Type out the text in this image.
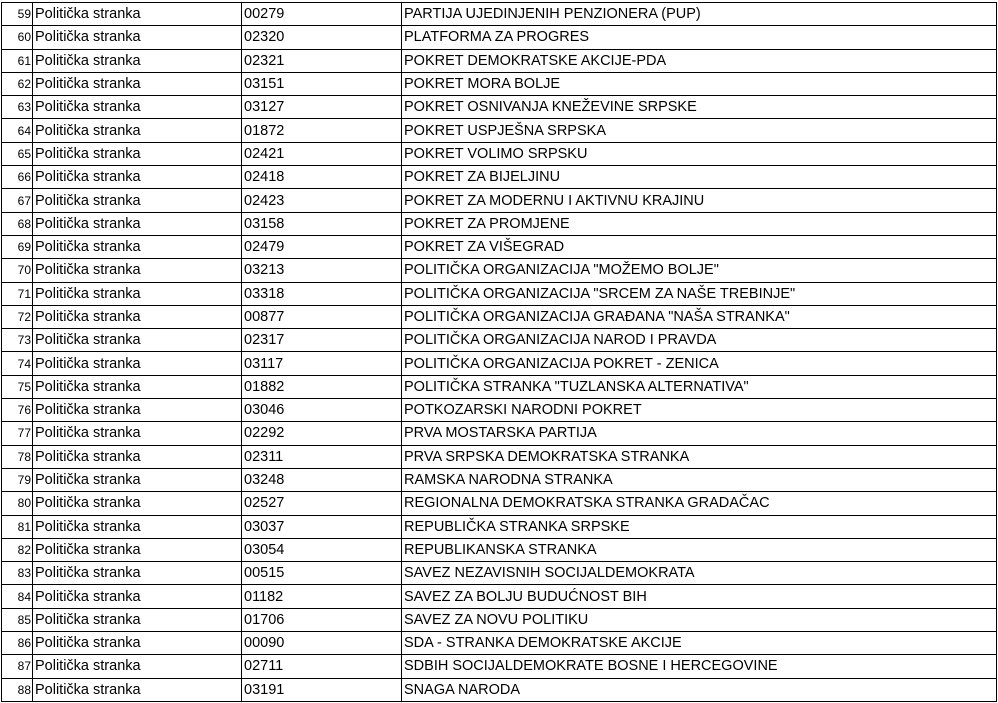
59	Politička stranka	00279	PARTIJA UJEDINJENIH PENZIONERA (PUP)
60	Politička stranka	02320	PLATFORMA ZA PROGRES
61	Politička stranka	02321	POKRET DEMOKRATSKE AKCIJE-PDA
62	Politička stranka	03151	POKRET MORA BOLJE
63	Politička stranka	03127	POKRET OSNIVANJA KNEŽEVINE SRPSKE
64	Politička stranka	01872	POKRET USPJEŠNA SRPSKA
65	Politička stranka	02421	POKRET VOLIMO SRPSKU
66	Politička stranka	02418	POKRET ZA BIJELJINU
67	Politička stranka	02423	POKRET ZA MODERNU I AKTIVNU KRAJINU
68	Politička stranka	03158	POKRET ZA PROMJENE
69	Politička stranka	02479	POKRET ZA VIŠEGRAD
70	Politička stranka	03213	POLITIČKA ORGANIZACIJA "MOŽEMO BOLJE"
71	Politička stranka	03318	POLITIČKA ORGANIZACIJA "SRCEM ZA NAŠE TREBINJE"
72	Politička stranka	00877	POLITIČKA ORGANIZACIJA GRAĐANA "NAŠA STRANKA"
73	Politička stranka	02317	POLITIČKA ORGANIZACIJA NAROD I PRAVDA
74	Politička stranka	03117	POLITIČKA ORGANIZACIJA POKRET - ZENICA
75	Politička stranka	01882	POLITIČKA STRANKA "TUZLANSKA ALTERNATIVA"
76	Politička stranka	03046	POTKOZARSKI NARODNI POKRET
77	Politička stranka	02292	PRVA MOSTARSKA PARTIJA
78	Politička stranka	02311	PRVA SRPSKA DEMOKRATSKA STRANKA
79	Politička stranka	03248	RAMSKA NARODNA STRANKA
80	Politička stranka	02527	REGIONALNA DEMOKRATSKA STRANKA GRADAČAC
81	Politička stranka	03037	REPUBLIČKA STRANKA SRPSKE
82	Politička stranka	03054	REPUBLIKANSKA STRANKA
83	Politička stranka	00515	SAVEZ NEZAVISNIH SOCIJALDEMOKRATA
84	Politička stranka	01182	SAVEZ ZA BOLJU BUDUĆNOST BIH
85	Politička stranka	01706	SAVEZ ZA NOVU POLITIKU
86	Politička stranka	00090	SDA - STRANKA DEMOKRATSKE AKCIJE
87	Politička stranka	02711	SDBIH SOCIJALDEMOKRATE BOSNE I HERCEGOVINE
88	Politička stranka	03191	SNAGA NARODA
